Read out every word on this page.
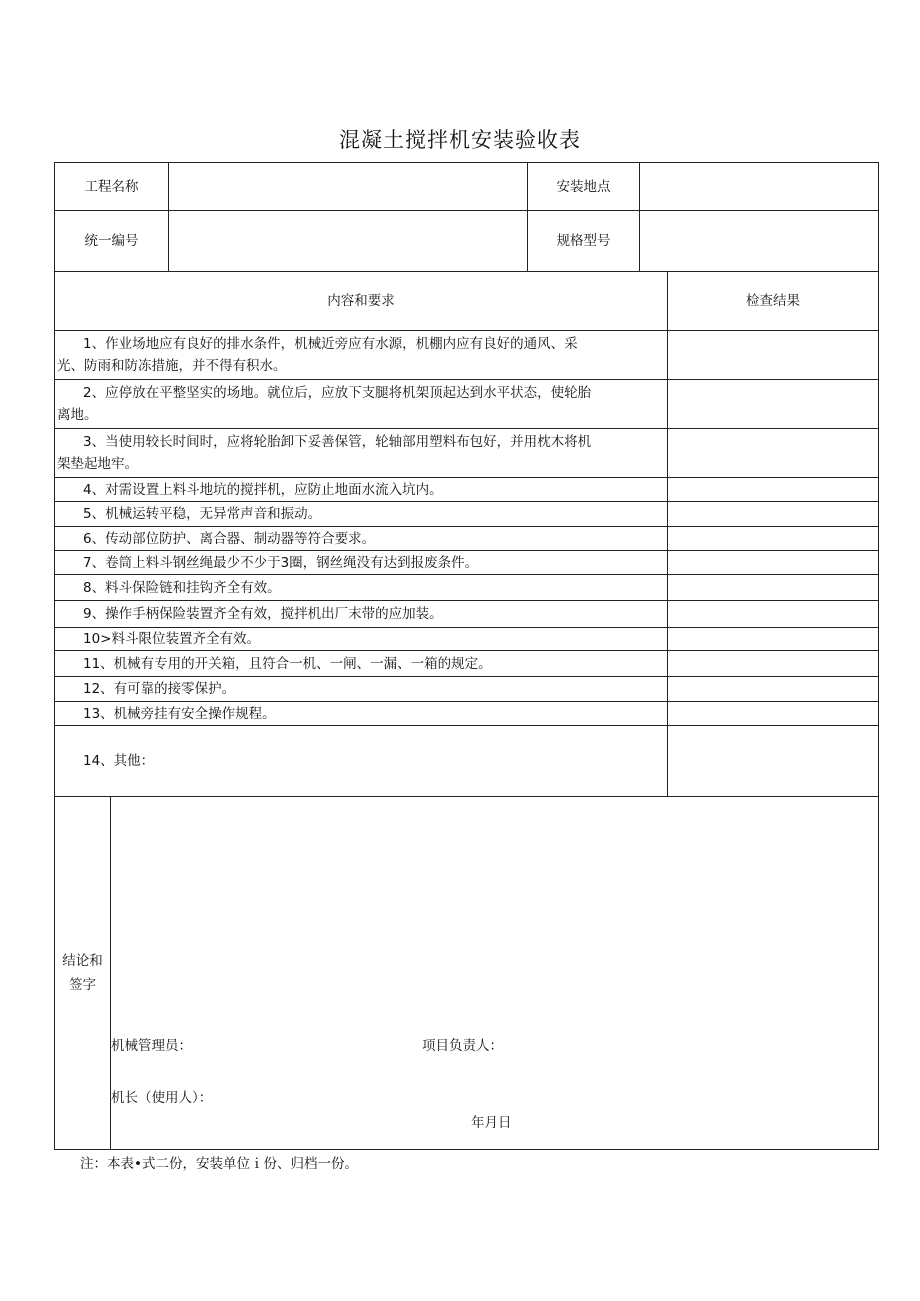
混凝土搅拌机安装验收表
工程名称			安装地点		
统一编号			规格型号		
内容和要求					检查结果
1、作业场地应有良好的排水条件，机械近旁应有水源，机棚内应有良好的通风、采
光、防雨和防冻措施，并不得有积水。					
2、应停放在平整坚实的场地。就位后，应放下支腿将机架顶起达到水平状态，使轮胎
离地。					
3、当使用较长时间时，应将轮胎卸下妥善保管，轮轴部用塑料布包好，并用枕木将机
架垫起地牢。					
4、对需设置上料斗地坑的搅拌机，应防止地面水流入坑内。					
5、机械运转平稳，无异常声音和振动。					
6、传动部位防护、离合器、制动器等符合要求。					
7、卷筒上料斗钢丝绳最少不少于3圈，钢丝绳没有达到报废条件。					
8、料斗保险链和挂钩齐全有效。					
9、操作手柄保险装置齐全有效，搅拌机出厂末带的应加装。					
10>料斗限位装置齐全有效。					
11、机械有专用的开关箱，且符合一机、一闸、一漏、一箱的规定。					
12、有可靠的接零保护。					
13、机械旁挂有安全操作规程。					
14、其他：					
结论和
签字	机械管理员： 项目负责人：
机长（使用人）：
年月日				
注：本表•式二份，安装单位ｉ份、归档一份。
